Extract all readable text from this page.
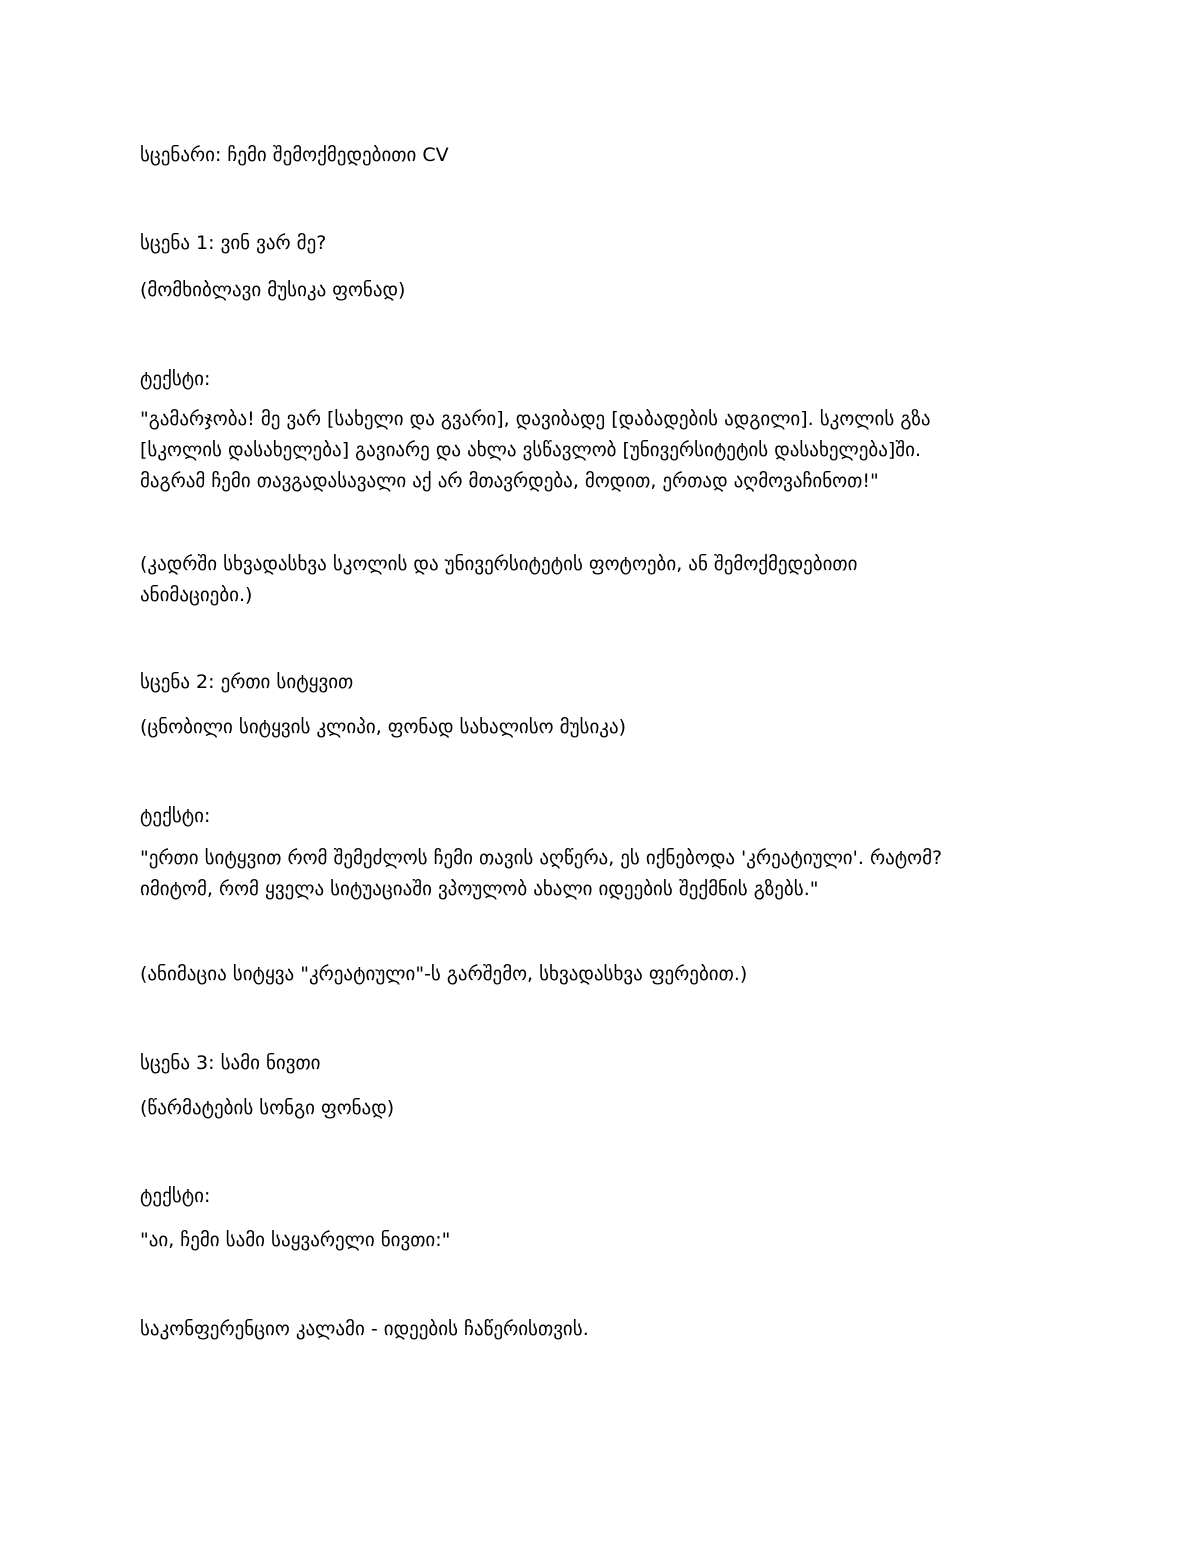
სცენარი: ჩემი შემოქმედებითი CV

სცენა 1: ვინ ვარ მე?

(მომხიბლავი მუსიკა ფონად)

ტექსტი:

"გამარჯობა! მე ვარ [სახელი და გვარი], დავიბადე [დაბადების ადგილი]. სკოლის გზა
[სკოლის დასახელება] გავიარე და ახლა ვსწავლობ [უნივერსიტეტის დასახელება]ში.
მაგრამ ჩემი თავგადასავალი აქ არ მთავრდება, მოდით, ერთად აღმოვაჩინოთ!"
(კადრში სხვადასხვა სკოლის და უნივერსიტეტის ფოტოები, ან შემოქმედებითი
ანიმაციები.)

სცენა 2: ერთი სიტყვით

(ცნობილი სიტყვის კლიპი, ფონად სახალისო მუსიკა)

ტექსტი:

"ერთი სიტყვით რომ შემეძლოს ჩემი თავის აღწერა, ეს იქნებოდა 'კრეატიული'. რატომ?
იმიტომ, რომ ყველა სიტუაციაში ვპოულობ ახალი იდეების შექმნის გზებს."

(ანიმაცია სიტყვა "კრეატიული"-ს გარშემო, სხვადასხვა ფერებით.)

სცენა 3: სამი ნივთი

(წარმატების სონგი ფონად)

ტექსტი:

"აი, ჩემი სამი საყვარელი ნივთი:"

საკონფერენციო კალამი - იდეების ჩაწერისთვის.
